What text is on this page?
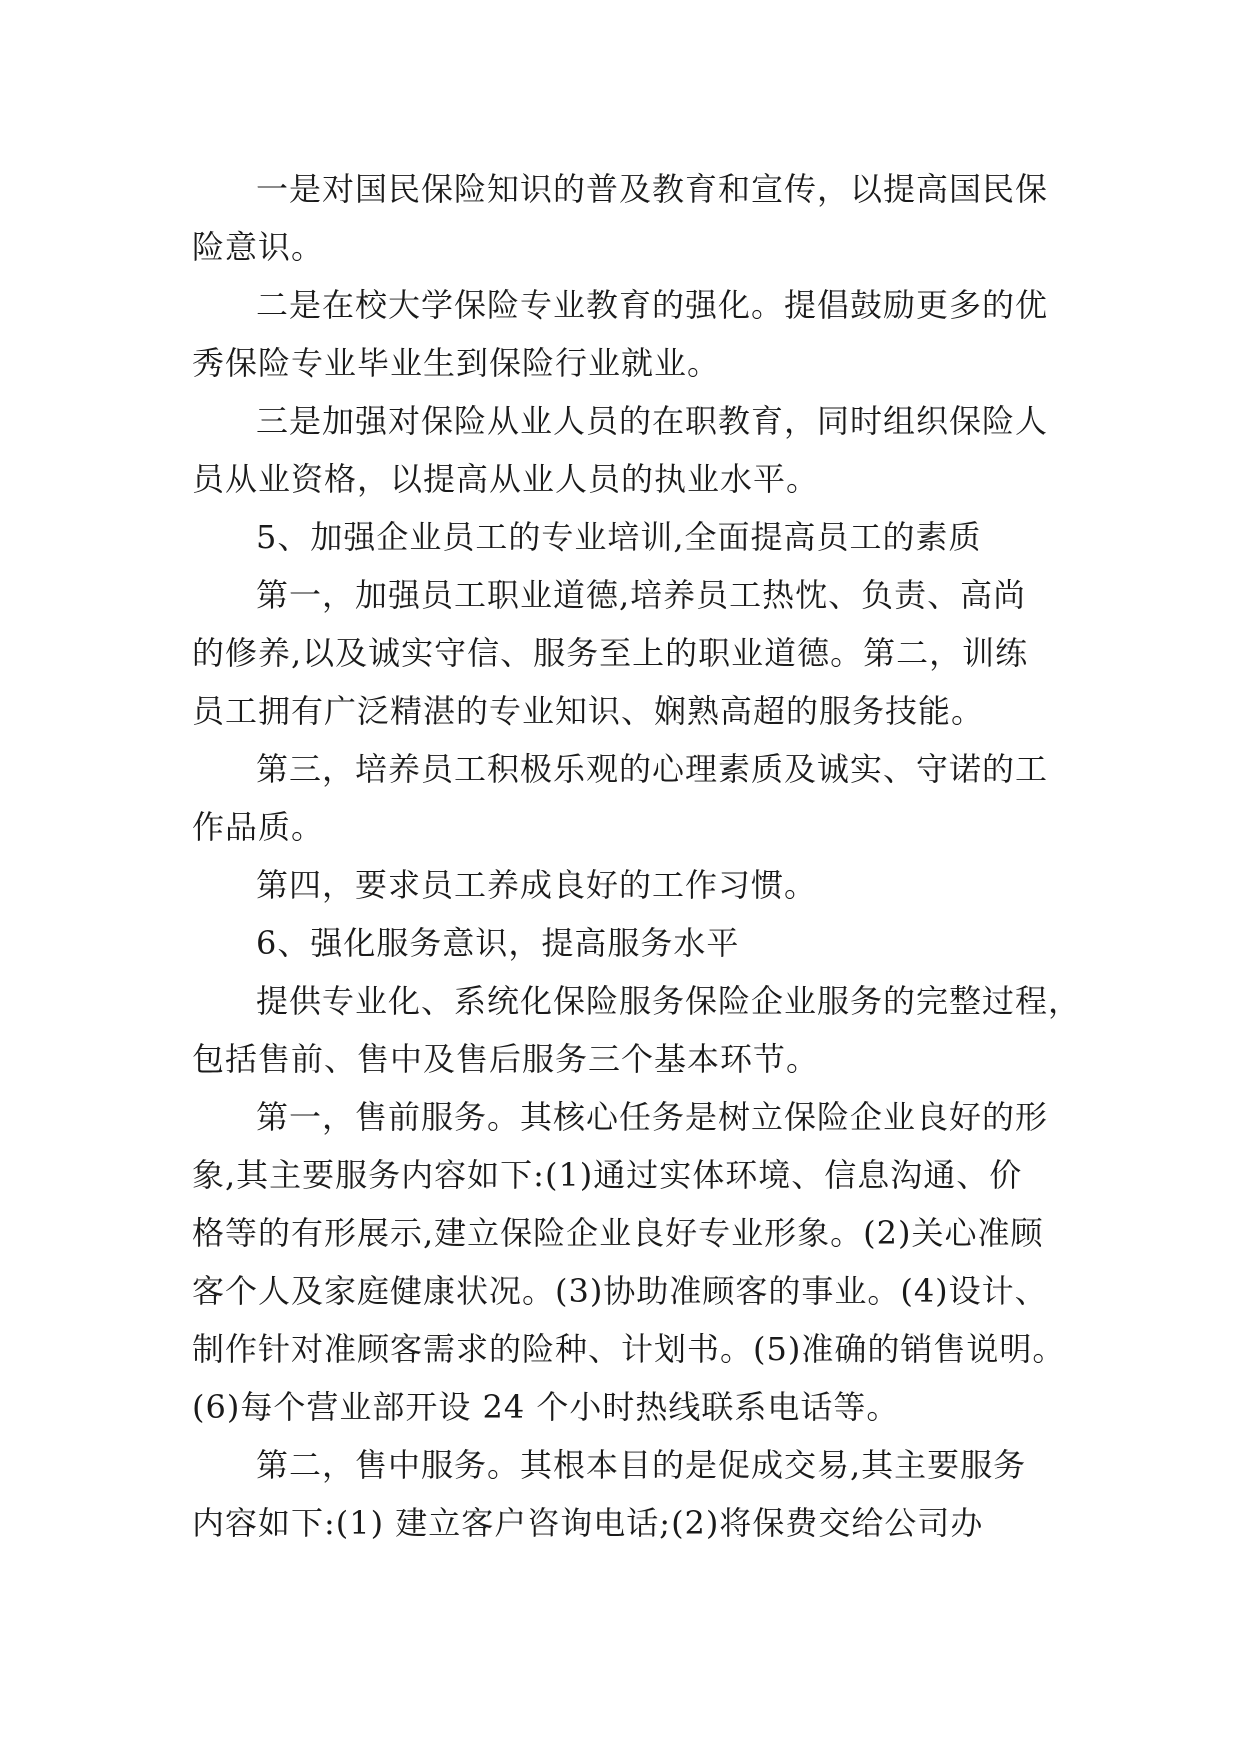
一是对国民保险知识的普及教育和宣传，以提高国民保
险意识。

二是在校大学保险专业教育的强化。提倡鼓励更多的优
秀保险专业毕业生到保险行业就业。

三是加强对保险从业人员的在职教育，同时组织保险人
员从业资格，以提高从业人员的执业水平。

5、加强企业员工的专业培训,全面提高员工的素质

第一，加强员工职业道德,培养员工热忱、负责、高尚
的修养,以及诚实守信、服务至上的职业道德。第二，训练
员工拥有广泛精湛的专业知识、娴熟高超的服务技能。

第三，培养员工积极乐观的心理素质及诚实、守诺的工
作品质。

第四，要求员工养成良好的工作习惯。

6、强化服务意识，提高服务水平

提供专业化、系统化保险服务保险企业服务的完整过程，
包括售前、售中及售后服务三个基本环节。

第一，售前服务。其核心任务是树立保险企业良好的形
象,其主要服务内容如下:(1)通过实体环境、信息沟通、价
格等的有形展示,建立保险企业良好专业形象。(2)关心准顾
客个人及家庭健康状况。(3)协助准顾客的事业。(4)设计、
制作针对准顾客需求的险种、计划书。(5)准确的销售说明。
(6)每个营业部开设 24 个小时热线联系电话等。

第二，售中服务。其根本目的是促成交易,其主要服务
内容如下:(1) 建立客户咨询电话;(2)将保费交给公司办
